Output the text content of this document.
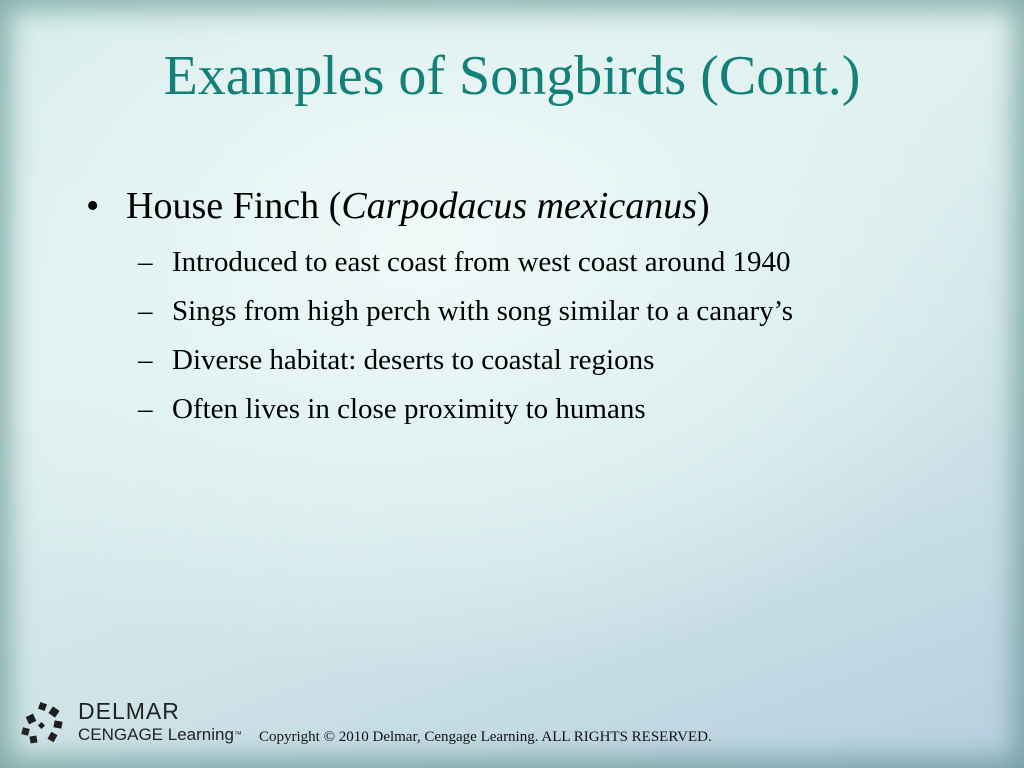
Examples of Songbirds (Cont.)
• House Finch (Carpodacus mexicanus)
– Introduced to east coast from west coast around 1940
– Sings from high perch with song similar to a canary’s
– Diverse habitat: deserts to coastal regions
– Often lives in close proximity to humans
DELMAR
CENGAGE Learning™ Copyright © 2010 Delmar, Cengage Learning. ALL RIGHTS RESERVED.
